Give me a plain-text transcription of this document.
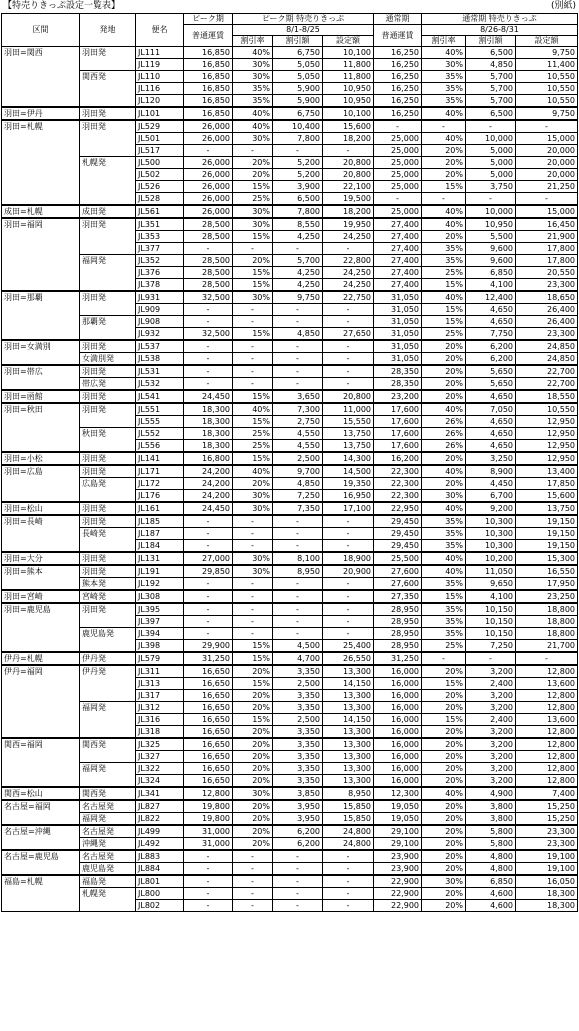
【特売りきっぷ設定一覧表】	(別紙)
区間	発地	便名	ピーク期	ピーク期 特売りきっぷ			通常期	通常期 特売りきっぷ		
			普通運賃	8/1-8/25			普通運賃	8/26-8/31		
				割引率	割引額	設定額		割引率	割引額	設定額
羽田=関西	羽田発	JL111	16,850	40%	6,750	10,100	16,250	40%	6,500	9,750
		JL119	16,850	30%	5,050	11,800	16,250	30%	4,850	11,400
	関西発	JL110	16,850	30%	5,050	11,800	16,250	35%	5,700	10,550
		JL116	16,850	35%	5,900	10,950	16,250	35%	5,700	10,550
		JL120	16,850	35%	5,900	10,950	16,250	35%	5,700	10,550
羽田=伊丹	羽田発	JL101	16,850	40%	6,750	10,100	16,250	40%	6,500	9,750
羽田=札幌	羽田発	JL529	26,000	40%	10,400	15,600	-	-	-	-
		JL501	26,000	30%	7,800	18,200	25,000	40%	10,000	15,000
		JL517	-	-	-	-	25,000	20%	5,000	20,000
	札幌発	JL500	26,000	20%	5,200	20,800	25,000	20%	5,000	20,000
		JL502	26,000	20%	5,200	20,800	25,000	20%	5,000	20,000
		JL526	26,000	15%	3,900	22,100	25,000	15%	3,750	21,250
		JL528	26,000	25%	6,500	19,500	-	-	-	-
成田=札幌	成田発	JL561	26,000	30%	7,800	18,200	25,000	40%	10,000	15,000
羽田=福岡	羽田発	JL351	28,500	30%	8,550	19,950	27,400	40%	10,950	16,450
		JL353	28,500	15%	4,250	24,250	27,400	20%	5,500	21,900
		JL377	-	-	-	-	27,400	35%	9,600	17,800
	福岡発	JL352	28,500	20%	5,700	22,800	27,400	35%	9,600	17,800
		JL376	28,500	15%	4,250	24,250	27,400	25%	6,850	20,550
		JL378	28,500	15%	4,250	24,250	27,400	15%	4,100	23,300
羽田=那覇	羽田発	JL931	32,500	30%	9,750	22,750	31,050	40%	12,400	18,650
		JL909	-	-	-	-	31,050	15%	4,650	26,400
	那覇発	JL908	-	-	-	-	31,050	15%	4,650	26,400
		JL932	32,500	15%	4,850	27,650	31,050	25%	7,750	23,300
羽田=女満別	羽田発	JL537	-	-	-	-	31,050	20%	6,200	24,850
	女満別発	JL538	-	-	-	-	31,050	20%	6,200	24,850
羽田=帯広	羽田発	JL531	-	-	-	-	28,350	20%	5,650	22,700
	帯広発	JL532	-	-	-	-	28,350	20%	5,650	22,700
羽田=函館	羽田発	JL541	24,450	15%	3,650	20,800	23,200	20%	4,650	18,550
羽田=秋田	羽田発	JL551	18,300	40%	7,300	11,000	17,600	40%	7,050	10,550
		JL555	18,300	15%	2,750	15,550	17,600	26%	4,650	12,950
	秋田発	JL552	18,300	25%	4,550	13,750	17,600	26%	4,650	12,950
		JL556	18,300	25%	4,550	13,750	17,600	26%	4,650	12,950
羽田=小松	羽田発	JL141	16,800	15%	2,500	14,300	16,200	20%	3,250	12,950
羽田=広島	羽田発	JL171	24,200	40%	9,700	14,500	22,300	40%	8,900	13,400
	広島発	JL172	24,200	20%	4,850	19,350	22,300	20%	4,450	17,850
		JL176	24,200	30%	7,250	16,950	22,300	30%	6,700	15,600
羽田=松山	羽田発	JL161	24,450	30%	7,350	17,100	22,950	40%	9,200	13,750
羽田=長崎	羽田発	JL185	-	-	-	-	29,450	35%	10,300	19,150
	長崎発	JL187	-	-	-	-	29,450	35%	10,300	19,150
		JL184	-	-	-	-	29,450	35%	10,300	19,150
羽田=大分	羽田発	JL131	27,000	30%	8,100	18,900	25,500	40%	10,200	15,300
羽田=熊本	羽田発	JL191	29,850	30%	8,950	20,900	27,600	40%	11,050	16,550
	熊本発	JL192	-	-	-	-	27,600	35%	9,650	17,950
羽田=宮崎	宮崎発	JL308	-	-	-	-	27,350	15%	4,100	23,250
羽田=鹿児島	羽田発	JL395	-	-	-	-	28,950	35%	10,150	18,800
		JL397	-	-	-	-	28,950	35%	10,150	18,800
	鹿児島発	JL394	-	-	-	-	28,950	35%	10,150	18,800
		JL398	29,900	15%	4,500	25,400	28,950	25%	7,250	21,700
伊丹=札幌	伊丹発	JL579	31,250	15%	4,700	26,550	31,250	-	-	-
伊丹=福岡	伊丹発	JL311	16,650	20%	3,350	13,300	16,000	20%	3,200	12,800
		JL313	16,650	15%	2,500	14,150	16,000	15%	2,400	13,600
		JL317	16,650	20%	3,350	13,300	16,000	20%	3,200	12,800
	福岡発	JL312	16,650	20%	3,350	13,300	16,000	20%	3,200	12,800
		JL316	16,650	15%	2,500	14,150	16,000	15%	2,400	13,600
		JL318	16,650	20%	3,350	13,300	16,000	20%	3,200	12,800
関西=福岡	関西発	JL325	16,650	20%	3,350	13,300	16,000	20%	3,200	12,800
		JL327	16,650	20%	3,350	13,300	16,000	20%	3,200	12,800
	福岡発	JL322	16,650	20%	3,350	13,300	16,000	20%	3,200	12,800
		JL324	16,650	20%	3,350	13,300	16,000	20%	3,200	12,800
関西=松山	関西発	JL341	12,800	30%	3,850	8,950	12,300	40%	4,900	7,400
名古屋=福岡	名古屋発	JL827	19,800	20%	3,950	15,850	19,050	20%	3,800	15,250
	福岡発	JL822	19,800	20%	3,950	15,850	19,050	20%	3,800	15,250
名古屋=沖縄	名古屋発	JL499	31,000	20%	6,200	24,800	29,100	20%	5,800	23,300
	沖縄発	JL492	31,000	20%	6,200	24,800	29,100	20%	5,800	23,300
名古屋=鹿児島	名古屋発	JL883	-	-	-	-	23,900	20%	4,800	19,100
	鹿児島発	JL884	-	-	-	-	23,900	20%	4,800	19,100
福島=札幌	福島発	JL801	-	-	-	-	22,900	30%	6,850	16,050
	札幌発	JL800	-	-	-	-	22,900	20%	4,600	18,300
		JL802	-	-	-	-	22,900	20%	4,600	18,300
